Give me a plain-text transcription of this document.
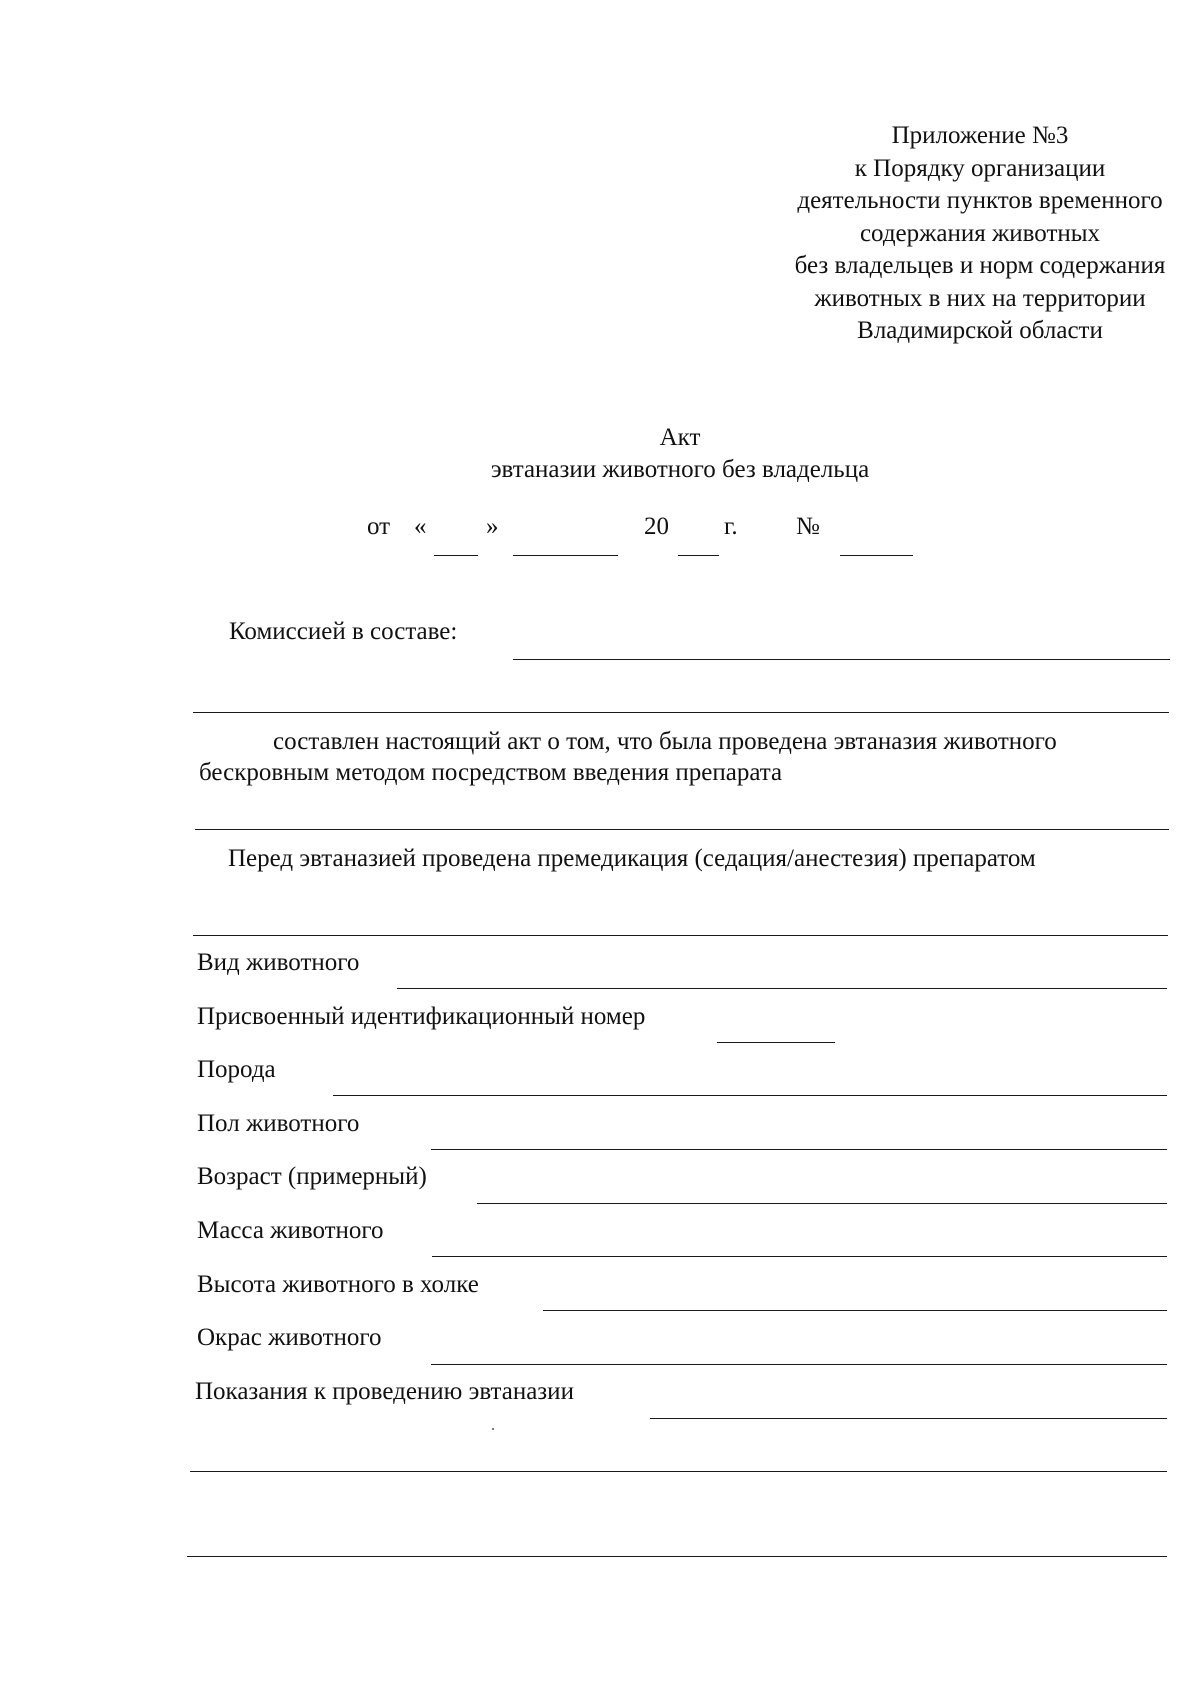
Приложение №3
к Порядку организации
деятельности пунктов временного
содержания животных
без владельцев и норм содержания
животных в них на территории
Владимирской области
Акт
эвтаназии животного без владельца
от « »	20 г. №
Комиссией в составе:
составлен настоящий акт о том, что была проведена эвтаназия животного
бескровным методом посредством введения препарата
Перед эвтаназией проведена премедикация (седация/анестезия) препаратом
Вид животного
Присвоенный идентификационный номер
Порода
Пол животного
Возраст (примерный)
Масса животного
Высота животного в холке
Окрас животного
Показания к проведению эвтаназии
